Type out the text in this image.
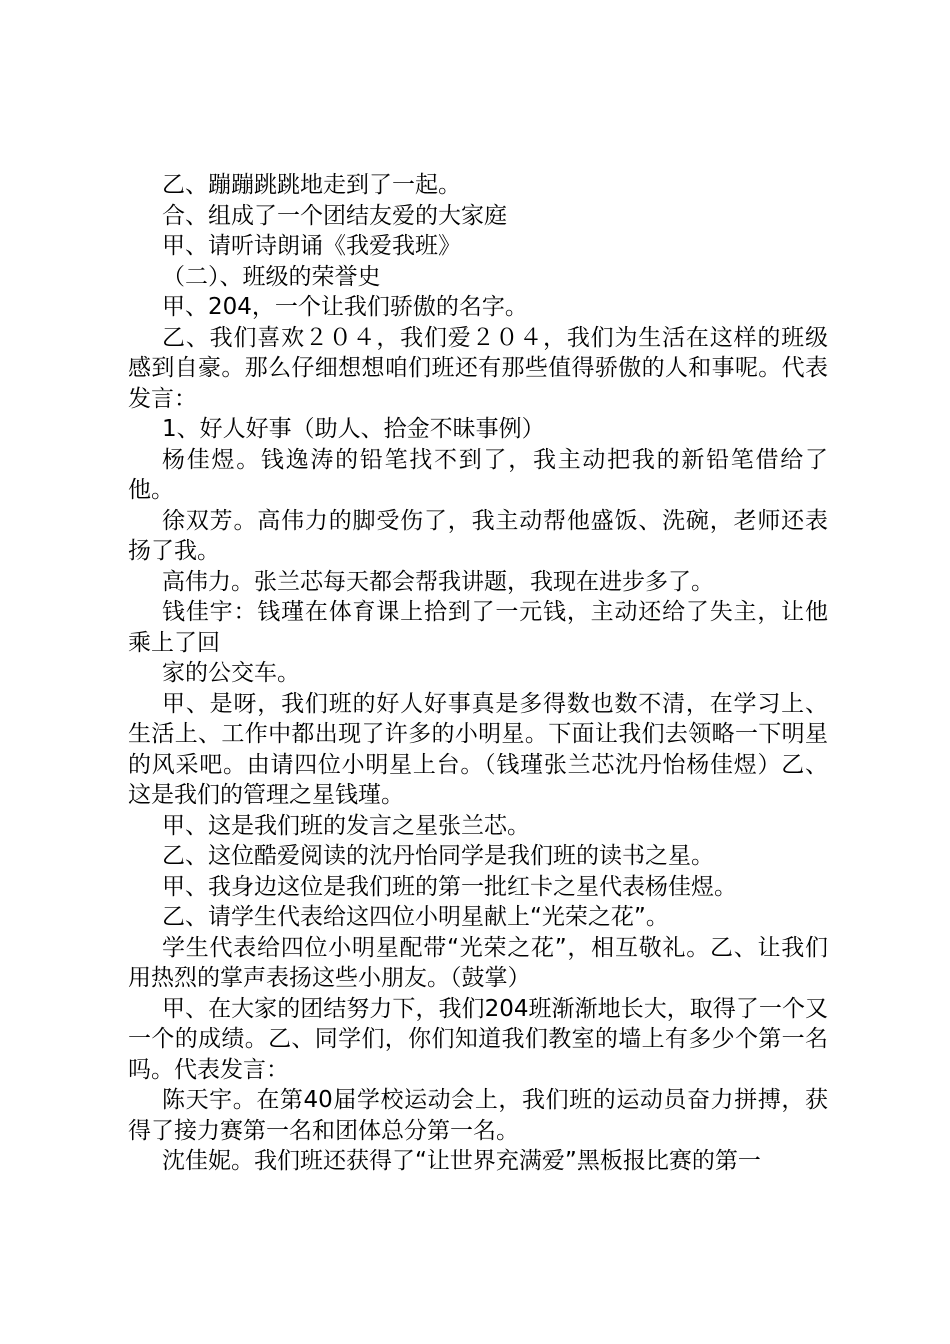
乙、蹦蹦跳跳地走到了一起。

合、组成了一个团结友爱的大家庭

甲、请听诗朗诵《我爱我班》

（二）、班级的荣誉史

甲、204，一个让我们骄傲的名字。

乙、我们喜欢２０４，我们爱２０４，我们为生活在这样的班级感到自豪。那么仔细想想咱们班还有那些值得骄傲的人和事呢。代表发言：

1、好人好事（助人、拾金不昧事例）

杨佳煜。钱逸涛的铅笔找不到了，我主动把我的新铅笔借给了他。

徐双芳。高伟力的脚受伤了，我主动帮他盛饭、洗碗，老师还表扬了我。

高伟力。张兰芯每天都会帮我讲题，我现在进步多了。

钱佳宇：钱瑾在体育课上拾到了一元钱，主动还给了失主，让他乘上了回

家的公交车。

甲、是呀，我们班的好人好事真是多得数也数不清，在学习上、生活上、工作中都出现了许多的小明星。下面让我们去领略一下明星的风采吧。由请四位小明星上台。（钱瑾张兰芯沈丹怡杨佳煜）乙、这是我们的管理之星钱瑾。

甲、这是我们班的发言之星张兰芯。

乙、这位酷爱阅读的沈丹怡同学是我们班的读书之星。

甲、我身边这位是我们班的第一批红卡之星代表杨佳煜。

乙、请学生代表给这四位小明星献上“光荣之花”。

学生代表给四位小明星配带“光荣之花”，相互敬礼。乙、让我们用热烈的掌声表扬这些小朋友。（鼓掌）

甲、在大家的团结努力下，我们204班渐渐地长大，取得了一个又一个的成绩。乙、同学们，你们知道我们教室的墙上有多少个第一名吗。代表发言：

陈天宇。在第40届学校运动会上，我们班的运动员奋力拼搏，获得了接力赛第一名和团体总分第一名。

沈佳妮。我们班还获得了“让世界充满爱”黑板报比赛的第一
